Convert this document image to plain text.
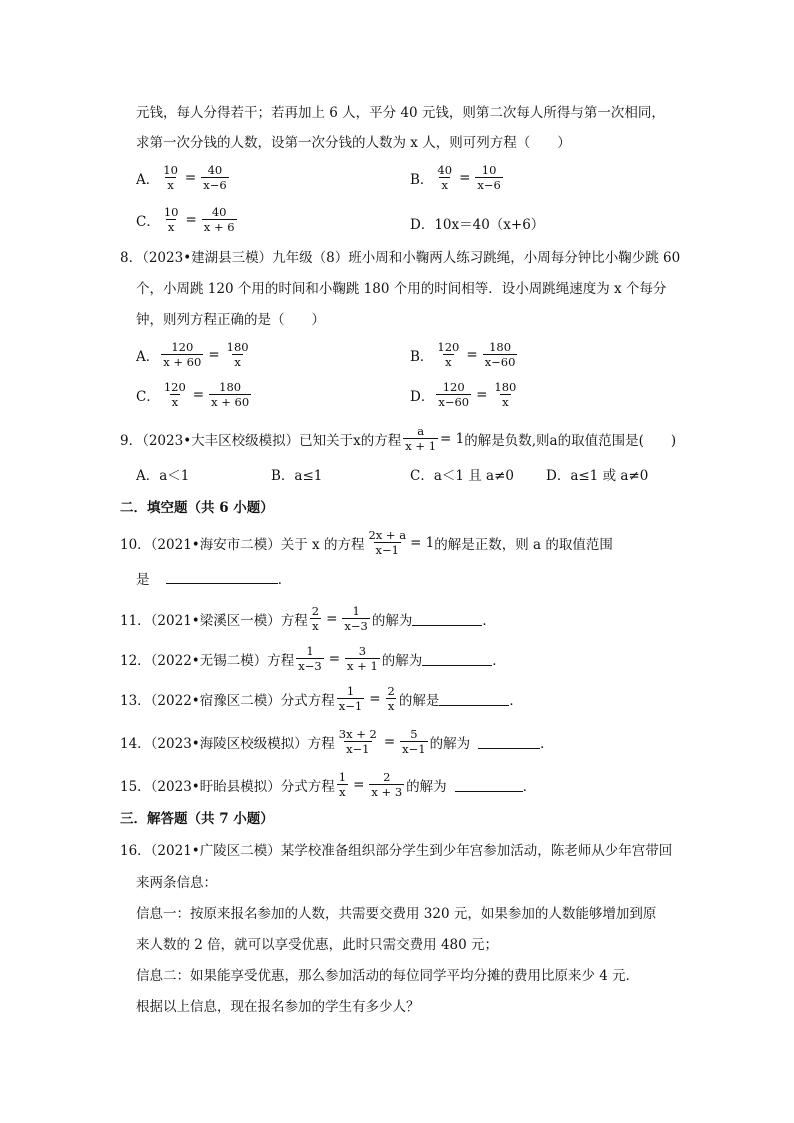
元钱，每人分得若干；若再加上 6 人，平分 40 元钱，则第二次每人所得与第一次相同，
求第一次分钱的人数，设第一次分钱的人数为 x 人，则可列方程（　　）
A． $\frac{10}{x} = \frac{40}{x-6}$	B． $\frac{40}{x} = \frac{10}{x-6}$
C． $\frac{10}{x} = \frac{40}{x + 6}$	D． 10x＝40（x+6）
8．（2023•建湖县三模）九年级（8）班小周和小鞠两人练习跳绳，小周每分钟比小鞠少跳 60
个，小周跳 120 个用的时间和小鞠跳 180 个用的时间相等．设小周跳绳速度为 x 个每分
钟，则列方程正确的是（　　）
A． $\frac{120}{x + 60} = \frac{180}{x}$	B． $\frac{120}{x} = \frac{180}{x-60}$
C． $\frac{120}{x} = \frac{180}{x + 60}$	D． $\frac{120}{x-60} = \frac{180}{x}$
9．（2023•大丰区校级模拟）已知关于x的方程 $\frac{a}{x + 1} = 1$ 的解是负数,则a的取值范围是(　　)
A．a＜1	B．a≤1	C．a＜1 且 a≠0 D．a≤1 或 a≠0
二．填空题（共 6 小题）
10．（2021•海安市二模）关于 x 的方程 $\frac{2x + a}{x-1} = 1$ 的解是正数，则 a 的取值范围
是	．
11．（2021•梁溪区一模）方程 $\frac{2}{x} = \frac{1}{x-3}$ 的解为	．
12．（2022•无锡二模）方程 $\frac{1}{x-3} = \frac{3}{x + 1}$ 的解为	．
13．（2022•宿豫区二模）分式方程 $\frac{1}{x-1} = \frac{2}{x}$ 的解是	．
14．（2023•海陵区校级模拟）方程 $\frac{3x + 2}{x-1} = \frac{5}{x-1}$ 的解为	．
15．（2023•盱眙县模拟）分式方程 $\frac{1}{x} = \frac{2}{x + 3}$ 的解为	．
三．解答题（共 7 小题）
16．（2021•广陵区二模）某学校准备组织部分学生到少年宫参加活动，陈老师从少年宫带回
来两条信息：
信息一：按原来报名参加的人数，共需要交费用 320 元，如果参加的人数能够增加到原
来人数的 2 倍，就可以享受优惠，此时只需交费用 480 元；
信息二：如果能享受优惠，那么参加活动的每位同学平均分摊的费用比原来少 4 元．
根据以上信息，现在报名参加的学生有多少人？
